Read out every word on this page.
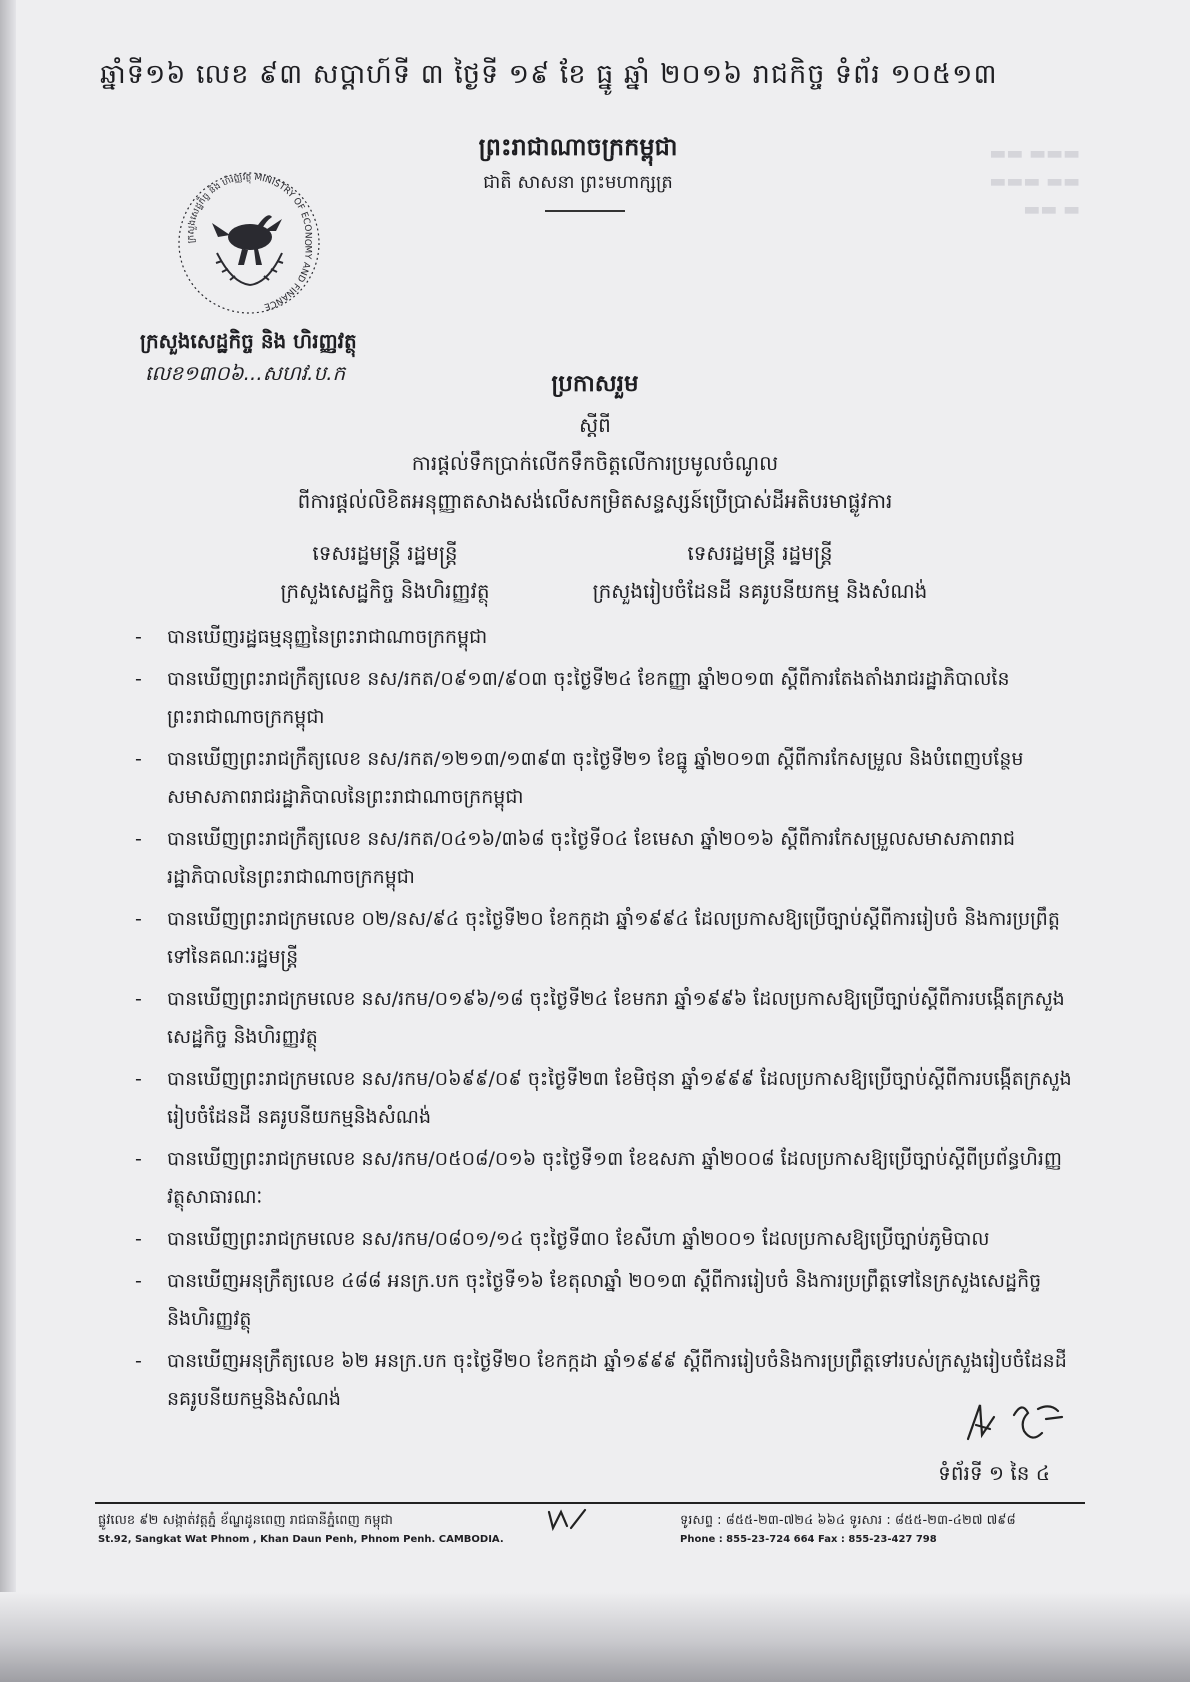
ឆ្នាំទី១៦ លេខ ៩៣ សប្តាហ៍ទី ៣ ថ្ងៃទី ១៩ ខែ ធ្នូ ឆ្នាំ ២០១៦ រាជកិច្ច ទំព័រ ១០៥១៣
▬▬ ▬▬▬
▬▬▬ ▬▬
▬▬ ▬
ព្រះរាជាណាចក្រកម្ពុជា
ជាតិ សាសនា ព្រះមហាក្សត្រ
ក្រសួងសេដ្ឋកិច្ច និង ហិរញ្ញវត្ថុ MINISTRY OF ECONOMY AND FINANCE
ក្រសួងសេដ្ឋកិច្ច និង ហិរញ្ញវត្ថុ
លេខ១៣០៦...សហវ.ប.ក	ប្រកាសរួម
ស្តីពី
ការផ្តល់ទឹកប្រាក់លើកទឹកចិត្តលើការប្រមូលចំណូល
ពីការផ្តល់លិខិតអនុញ្ញាតសាងសង់លើសកម្រិតសន្ទស្សន៍ប្រើប្រាស់ដីអតិបរមាផ្លូវការ
ទេសរដ្ឋមន្ត្រី រដ្ឋមន្ត្រី
ក្រសួងសេដ្ឋកិច្ច និងហិរញ្ញវត្ថុ
ទេសរដ្ឋមន្ត្រី រដ្ឋមន្ត្រី
ក្រសួងរៀបចំដែនដី នគរូបនីយកម្ម និងសំណង់
- បានឃើញរដ្ឋធម្មនុញ្ញនៃព្រះរាជាណាចក្រកម្ពុជា
- បានឃើញព្រះរាជក្រឹត្យលេខ នស/រកត/០៩១៣/៩០៣ ចុះថ្ងៃទី២៤ ខែកញ្ញា ឆ្នាំ២០១៣ ស្តីពីការតែងតាំងរាជរដ្ឋាភិបាលនៃព្រះរាជាណាចក្រកម្ពុជា
- បានឃើញព្រះរាជក្រឹត្យលេខ នស/រកត/១២១៣/១៣៩៣ ចុះថ្ងៃទី២១ ខែធ្នូ ឆ្នាំ២០១៣ ស្តីពីការកែសម្រួល និងបំពេញបន្ថែមសមាសភាពរាជរដ្ឋាភិបាលនៃព្រះរាជាណាចក្រកម្ពុជា
- បានឃើញព្រះរាជក្រឹត្យលេខ នស/រកត/០៤១៦/៣៦៨ ចុះថ្ងៃទី០៤ ខែមេសា ឆ្នាំ២០១៦ ស្តីពីការកែសម្រួលសមាសភាពរាជរដ្ឋាភិបាលនៃព្រះរាជាណាចក្រកម្ពុជា
- បានឃើញព្រះរាជក្រមលេខ ០២/នស/៩៤ ចុះថ្ងៃទី២០ ខែកក្កដា ឆ្នាំ១៩៩៤ ដែលប្រកាសឱ្យប្រើច្បាប់ស្តីពីការរៀបចំ និងការប្រព្រឹត្តទៅនៃគណៈរដ្ឋមន្ត្រី
- បានឃើញព្រះរាជក្រមលេខ នស/រកម/០១៩៦/១៨ ចុះថ្ងៃទី២៤ ខែមករា ឆ្នាំ១៩៩៦ ដែលប្រកាសឱ្យប្រើច្បាប់ស្តីពីការបង្កើតក្រសួងសេដ្ឋកិច្ច និងហិរញ្ញវត្ថុ
- បានឃើញព្រះរាជក្រមលេខ នស/រកម/០៦៩៩/០៩ ចុះថ្ងៃទី២៣ ខែមិថុនា ឆ្នាំ១៩៩៩ ដែលប្រកាសឱ្យប្រើច្បាប់ស្តីពីការបង្កើតក្រសួងរៀបចំដែនដី នគរូបនីយកម្មនិងសំណង់
- បានឃើញព្រះរាជក្រមលេខ នស/រកម/០៥០៨/០១៦ ចុះថ្ងៃទី១៣ ខែឧសភា ឆ្នាំ២០០៨ ដែលប្រកាសឱ្យប្រើច្បាប់ស្តីពីប្រព័ន្ធហិរញ្ញវត្ថុសាធារណៈ
- បានឃើញព្រះរាជក្រមលេខ នស/រកម/០៨០១/១៤ ចុះថ្ងៃទី៣០ ខែសីហា ឆ្នាំ២០០១ ដែលប្រកាសឱ្យប្រើច្បាប់ភូមិបាល
- បានឃើញអនុក្រឹត្យលេខ ៤៨៨ អនក្រ.បក ចុះថ្ងៃទី១៦ ខែតុលាឆ្នាំ ២០១៣ ស្តីពីការរៀបចំ និងការប្រព្រឹត្តទៅនៃក្រសួងសេដ្ឋកិច្ច និងហិរញ្ញវត្ថុ
- បានឃើញអនុក្រឹត្យលេខ ៦២ អនក្រ.បក ចុះថ្ងៃទី២០ ខែកក្កដា ឆ្នាំ១៩៩៩ ស្តីពីការរៀបចំនិងការប្រព្រឹត្តទៅរបស់ក្រសួងរៀបចំដែនដី នគរូបនីយកម្មនិងសំណង់
ទំព័រទី ១ នៃ ៤
ផ្លូវលេខ ៩២ សង្កាត់វត្តភ្នំ ខ័ណ្ឌដូនពេញ រាជធានីភ្នំពេញ កម្ពុជា
St.92, Sangkat Wat Phnom , Khan Daun Penh, Phnom Penh. CAMBODIA.
ទូរសព្ទ : ៨៥៥-២៣-៧២៤ ៦៦៤ ទូរសារ : ៨៥៥-២៣-៤២៧ ៧៩៨
Phone : 855-23-724 664 Fax : 855-23-427 798
